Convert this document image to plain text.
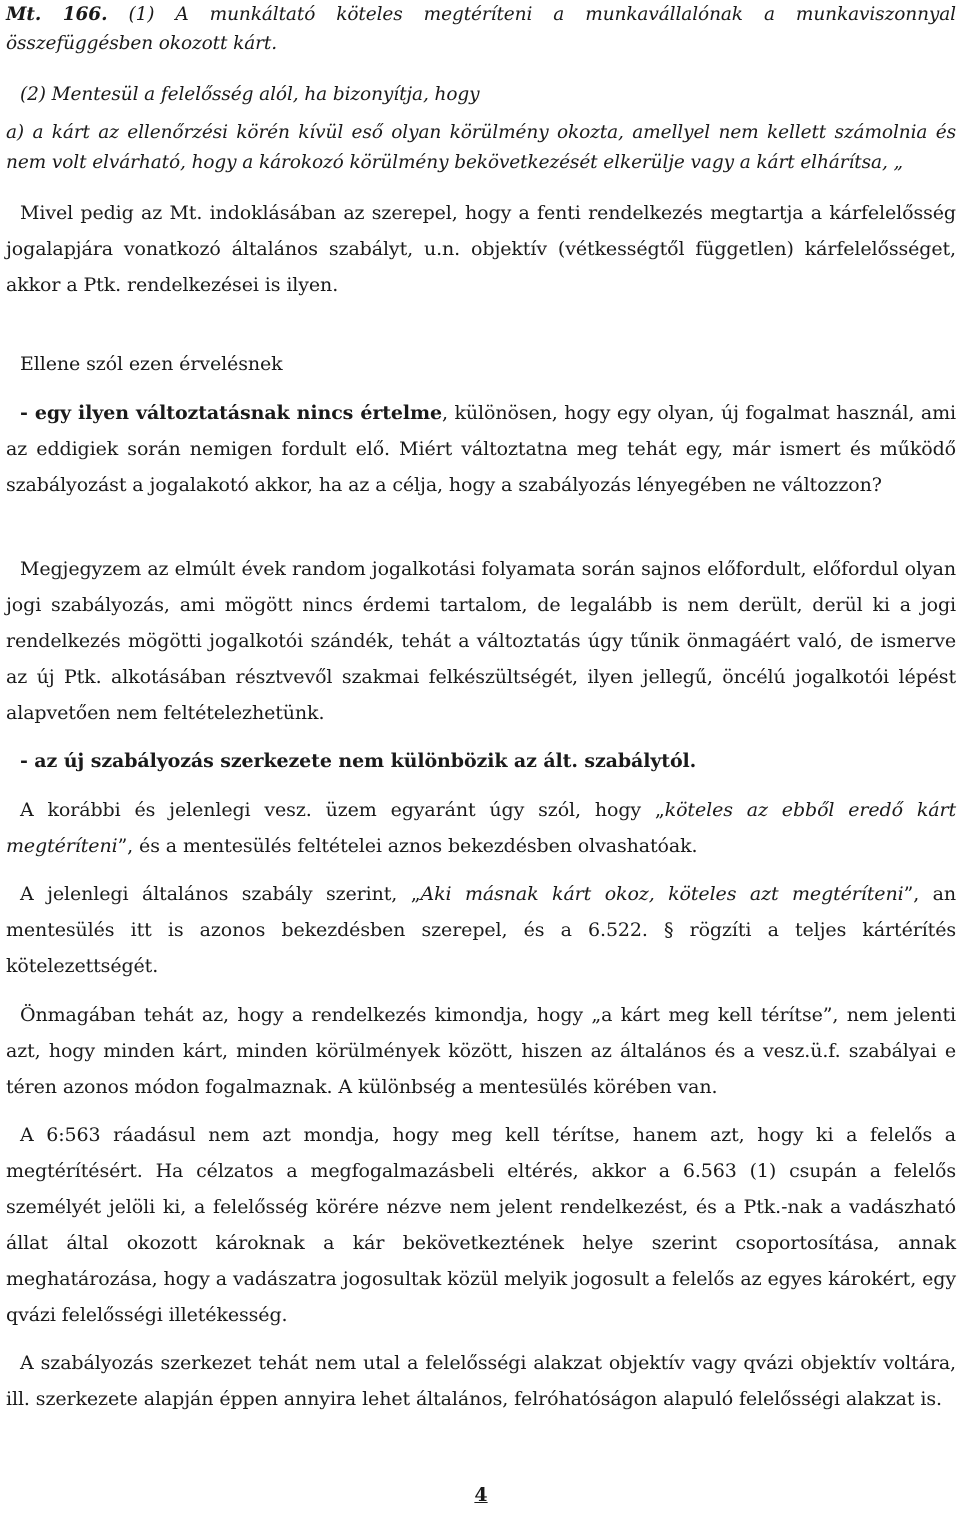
Mt. 166. (1) A munkáltató köteles megtéríteni a munkavállalónak a munkaviszonnyal összefüggésben okozott kárt.

(2) Mentesül a felelősség alól, ha bizonyítja, hogy

a) a kárt az ellenőrzési körén kívül eső olyan körülmény okozta, amellyel nem kellett számolnia és nem volt elvárható, hogy a károkozó körülmény bekövetkezését elkerülje vagy a kárt elhárítsa, „

Mivel pedig az Mt. indoklásában az szerepel, hogy a fenti rendelkezés megtartja a kárfelelősség jogalapjára vonatkozó általános szabályt, u.n. objektív (vétkességtől független) kárfelelősséget, akkor a Ptk. rendelkezései is ilyen.

Ellene szól ezen érvelésnek

- egy ilyen változtatásnak nincs értelme, különösen, hogy egy olyan, új fogalmat használ, ami az eddigiek során nemigen fordult elő. Miért változtatna meg tehát egy, már ismert és működő szabályozást a jogalakotó akkor, ha az a célja, hogy a szabályozás lényegében ne változzon?

Megjegyzem az elmúlt évek random jogalkotási folyamata során sajnos előfordult, előfordul olyan jogi szabályozás, ami mögött nincs érdemi tartalom, de legalább is nem derült, derül ki a jogi rendelkezés mögötti jogalkotói szándék, tehát a változtatás úgy tűnik önmagáért való, de ismerve az új Ptk. alkotásában résztvevől szakmai felkészültségét, ilyen jellegű, öncélú jogalkotói lépést alapvetően nem feltételezhetünk.

- az új szabályozás szerkezete nem különbözik az ált. szabálytól.

A korábbi és jelenlegi vesz. üzem egyaránt úgy szól, hogy „köteles az ebből eredő kárt megtéríteni”, és a mentesülés feltételei aznos bekezdésben olvashatóak.

A jelenlegi általános szabály szerint, „Aki másnak kárt okoz, köteles azt megtéríteni”, an mentesülés itt is azonos bekezdésben szerepel, és a 6.522. § rögzíti a teljes kártérítés kötelezettségét.

Önmagában tehát az, hogy a rendelkezés kimondja, hogy „a kárt meg kell térítse”, nem jelenti azt, hogy minden kárt, minden körülmények között, hiszen az általános és a vesz.ü.f. szabályai e téren azonos módon fogalmaznak. A különbség a mentesülés körében van.

A 6:563 ráadásul nem azt mondja, hogy meg kell térítse, hanem azt, hogy ki a felelős a megtérítésért. Ha célzatos a megfogalmazásbeli eltérés, akkor a 6.563 (1) csupán a felelős személyét jelöli ki, a felelősség körére nézve nem jelent rendelkezést, és a Ptk.-nak a vadászható állat által okozott károknak a kár bekövetkeztének helye szerint csoportosítása, annak meghatározása, hogy a vadászatra jogosultak közül melyik jogosult a felelős az egyes károkért, egy qvázi felelősségi illetékesség.

A szabályozás szerkezet tehát nem utal a felelősségi alakzat objektív vagy qvázi objektív voltára, ill. szerkezete alapján éppen annyira lehet általános, felróhatóságon alapuló felelősségi alakzat is.

4
